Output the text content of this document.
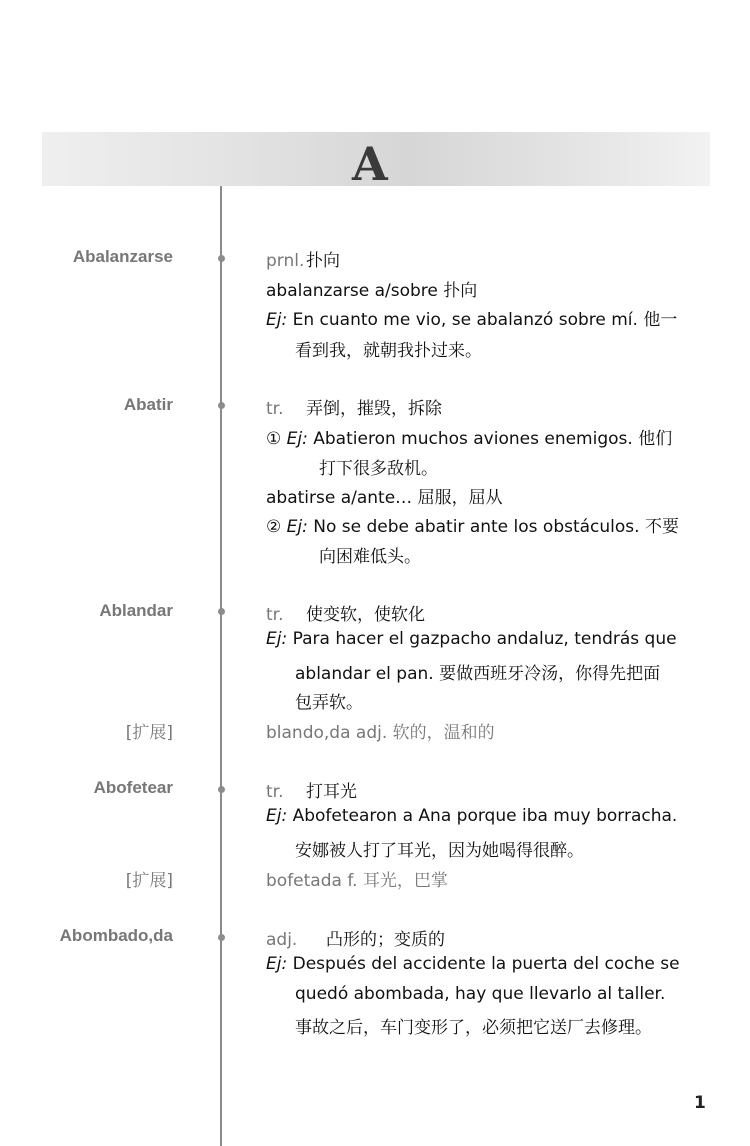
A
Abalanzarse	prnl.扑向
abalanzarse a/sobre 扑向
Ej: En cuanto me vio, se abalanzó sobre mí. 他一
看到我，就朝我扑过来。
Abatir	tr. 弄倒，摧毁，拆除
① Ej: Abatieron muchos aviones enemigos. 他们
打下很多敌机。
abatirse a/ante… 屈服，屈从
② Ej: No se debe abatir ante los obstáculos. 不要
向困难低头。
Ablandar	tr. 使变软，使软化
Ej: Para hacer el gazpacho andaluz, tendrás que
ablandar el pan. 要做西班牙冷汤，你得先把面
包弄软。
[扩展]	blando,da adj. 软的，温和的
Abofetear	tr. 打耳光
Ej: Abofetearon a Ana porque iba muy borracha.
安娜被人打了耳光，因为她喝得很醉。
[扩展]	bofetada f. 耳光，巴掌
Abombado,da	adj. 凸形的；变质的
Ej: Después del accidente la puerta del coche se
quedó abombada, hay que llevarlo al taller.
事故之后，车门变形了，必须把它送厂去修理。
1
